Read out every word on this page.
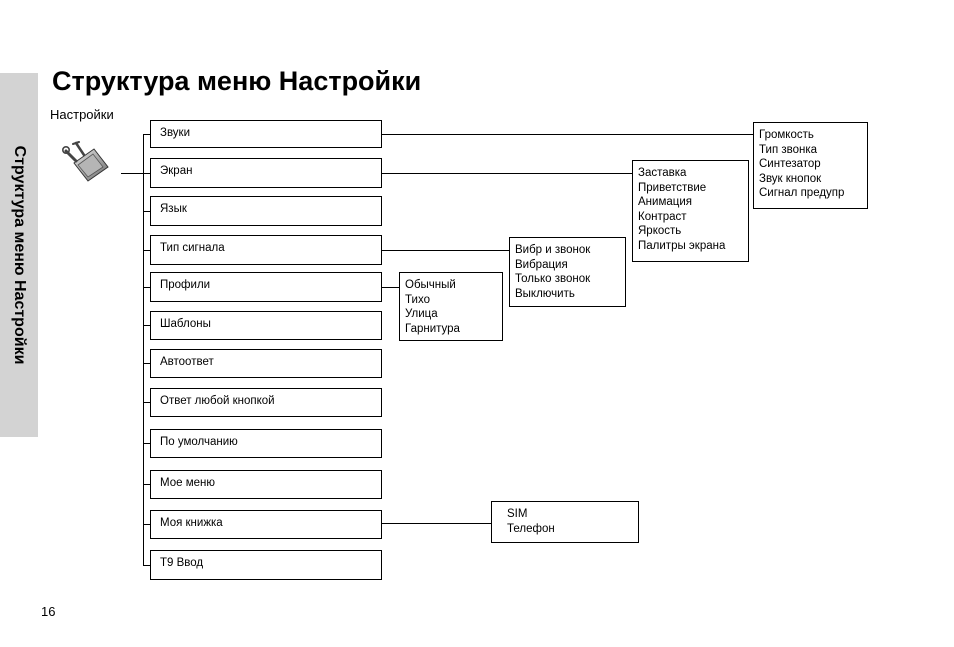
Структура меню Настройки
Структура меню Настройки
Настройки
Звуки
Экран
Язык
Тип сигнала
Профили
Шаблоны
Автоответ
Ответ любой кнопкой
По умолчанию
Мое меню
Моя книжка
T9 Ввод
Громкость
Тип звонка
Синтезатор
Звук кнопок
Сигнал предупр
Заставка
Приветствие
Анимация
Контраст
Яркость
Палитры экрана
Вибр и звонок
Вибрация
Только звонок
Выключить
Обычный
Тихо
Улица
Гарнитура
SIM
Телефон
16
